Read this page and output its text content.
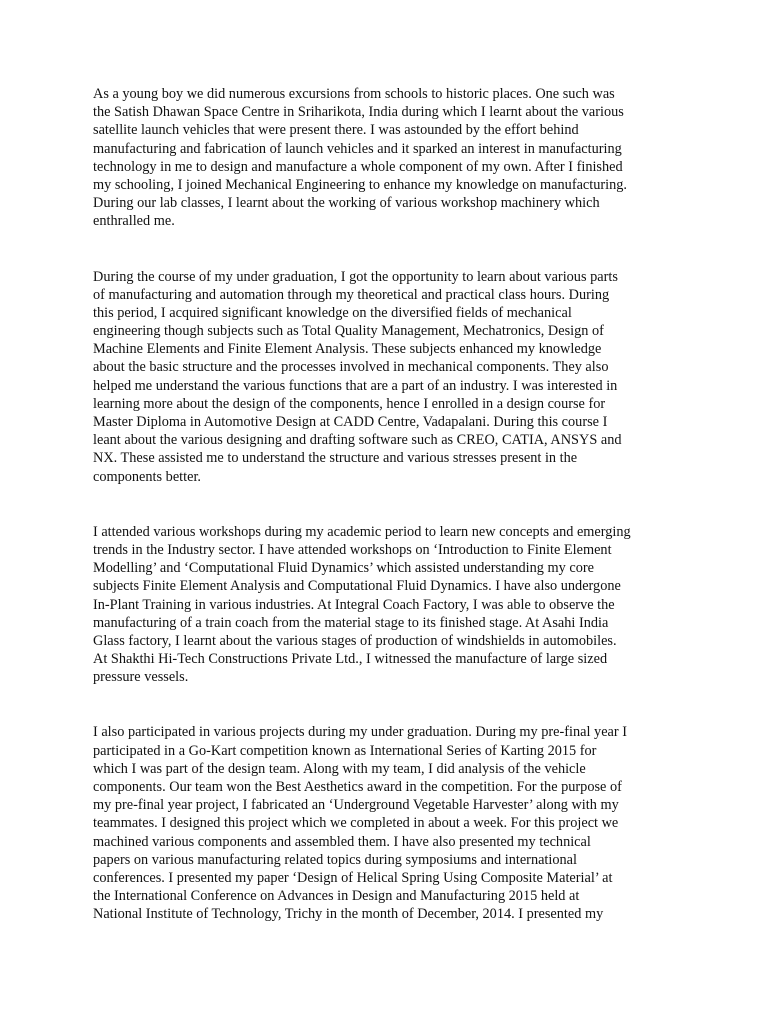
As a young boy we did numerous excursions from schools to historic places. One such was
the Satish Dhawan Space Centre in Sriharikota, India during which I learnt about the various
satellite launch vehicles that were present there. I was astounded by the effort behind
manufacturing and fabrication of launch vehicles and it sparked an interest in manufacturing
technology in me to design and manufacture a whole component of my own. After I finished
my schooling, I joined Mechanical Engineering to enhance my knowledge on manufacturing.
During our lab classes, I learnt about the working of various workshop machinery which
enthralled me.
During the course of my under graduation, I got the opportunity to learn about various parts
of manufacturing and automation through my theoretical and practical class hours. During
this period, I acquired significant knowledge on the diversified fields of mechanical
engineering though subjects such as Total Quality Management, Mechatronics, Design of
Machine Elements and Finite Element Analysis. These subjects enhanced my knowledge
about the basic structure and the processes involved in mechanical components. They also
helped me understand the various functions that are a part of an industry. I was interested in
learning more about the design of the components, hence I enrolled in a design course for
Master Diploma in Automotive Design at CADD Centre, Vadapalani. During this course I
leant about the various designing and drafting software such as CREO, CATIA, ANSYS and
NX. These assisted me to understand the structure and various stresses present in the
components better.
I attended various workshops during my academic period to learn new concepts and emerging
trends in the Industry sector. I have attended workshops on ‘Introduction to Finite Element
Modelling’ and ‘Computational Fluid Dynamics’ which assisted understanding my core
subjects Finite Element Analysis and Computational Fluid Dynamics. I have also undergone
In-Plant Training in various industries. At Integral Coach Factory, I was able to observe the
manufacturing of a train coach from the material stage to its finished stage. At Asahi India
Glass factory, I learnt about the various stages of production of windshields in automobiles.
At Shakthi Hi-Tech Constructions Private Ltd., I witnessed the manufacture of large sized
pressure vessels.
I also participated in various projects during my under graduation. During my pre-final year I
participated in a Go-Kart competition known as International Series of Karting 2015 for
which I was part of the design team. Along with my team, I did analysis of the vehicle
components. Our team won the Best Aesthetics award in the competition. For the purpose of
my pre-final year project, I fabricated an ‘Underground Vegetable Harvester’ along with my
teammates. I designed this project which we completed in about a week. For this project we
machined various components and assembled them. I have also presented my technical
papers on various manufacturing related topics during symposiums and international
conferences. I presented my paper ‘Design of Helical Spring Using Composite Material’ at
the International Conference on Advances in Design and Manufacturing 2015 held at
National Institute of Technology, Trichy in the month of December, 2014. I presented my
